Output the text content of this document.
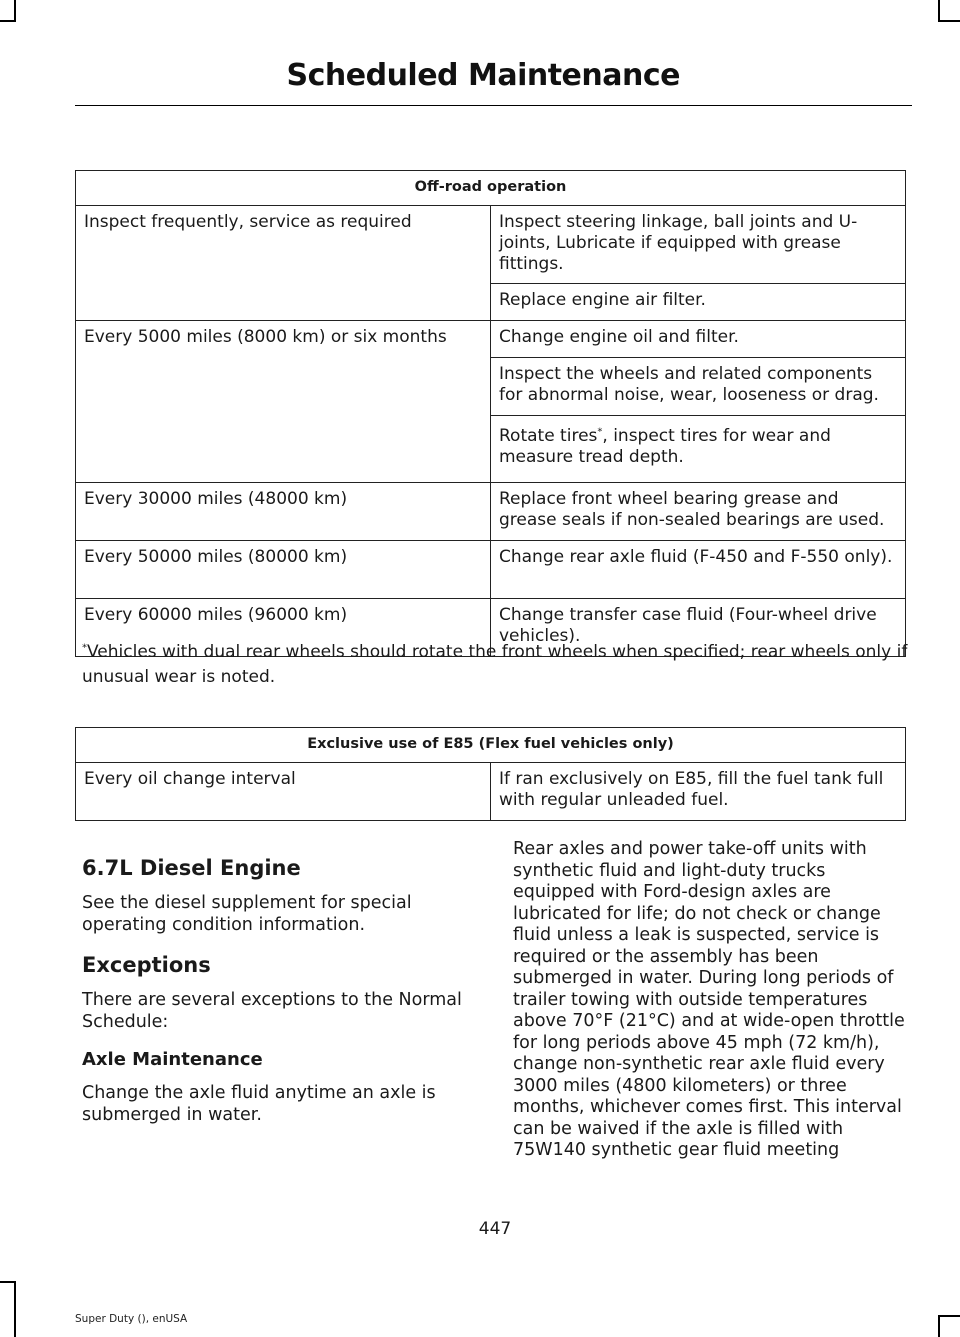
Scheduled Maintenance
Off-road operation	
Inspect frequently, service as required	Inspect steering linkage, ball joints and U-joints, Lubricate if equipped with grease fittings.
	Replace engine air filter.
Every 5000 miles (8000 km) or six months	Change engine oil and filter.
	Inspect the wheels and related components for abnormal noise, wear, looseness or drag.
	Rotate tires*, inspect tires for wear and measure tread depth.
Every 30000 miles (48000 km)	Replace front wheel bearing grease and grease seals if non-sealed bearings are used.
Every 50000 miles (80000 km)	Change rear axle fluid (F-450 and F-550 only).
Every 60000 miles (96000 km)	Change transfer case fluid (Four-wheel drive vehicles).
*Vehicles with dual rear wheels should rotate the front wheels when specified; rear wheels only if unusual wear is noted.
Exclusive use of E85 (Flex fuel vehicles only)
Every oil change interval	If ran exclusively on E85, fill the fuel tank full with regular unleaded fuel.
6.7L Diesel Engine

See the diesel supplement for special operating condition information.

Exceptions

There are several exceptions to the Normal Schedule:

Axle Maintenance

Change the axle fluid anytime an axle is submerged in water.

Rear axles and power take-off units with synthetic fluid and light-duty trucks equipped with Ford-design axles are lubricated for life; do not check or change fluid unless a leak is suspected, service is required or the assembly has been submerged in water. During long periods of trailer towing with outside temperatures above 70°F (21°C) and at wide-open throttle for long periods above 45 mph (72 km/h), change non-synthetic rear axle fluid every 3000 miles (4800 kilometers) or three months, whichever comes first. This interval can be waived if the axle is filled with 75W140 synthetic gear fluid meeting

447
Super Duty (), enUSA
